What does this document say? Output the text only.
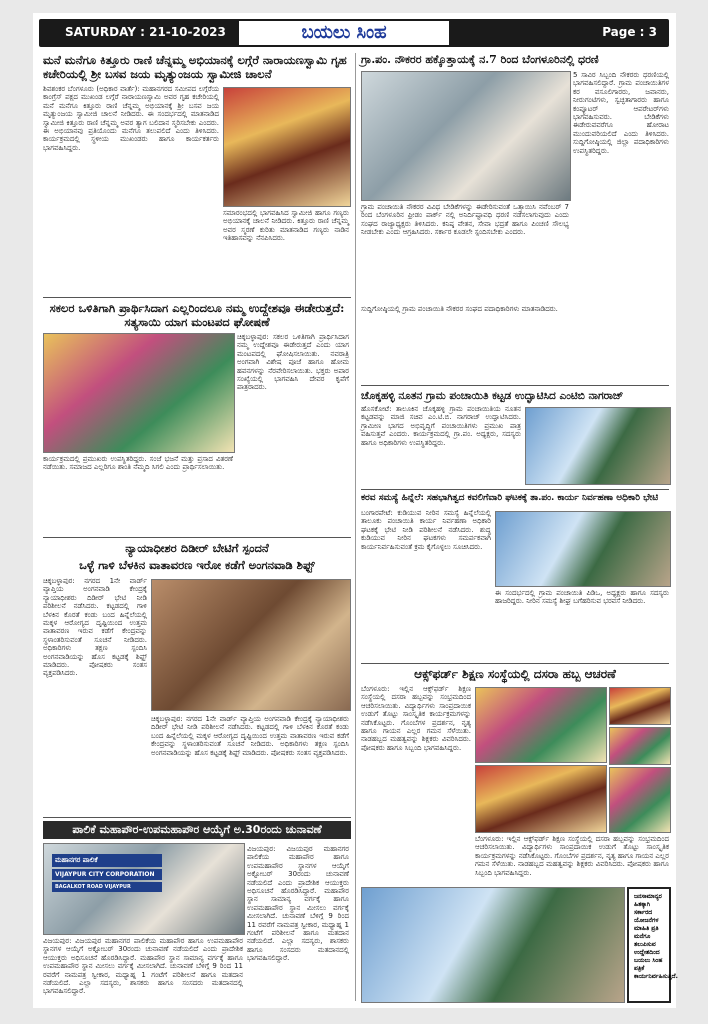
SATURDAY : 21-10-2023	ಬಯಲು ಸಿಂಹ	Page : 3
ಮನೆ ಮನೆಗೂ ಕಿತ್ತೂರು ರಾಣಿ ಚೆನ್ನಮ್ಮ ಅಭಿಯಾನಕ್ಕೆ ಲಗ್ಗೆರೆ ನಾರಾಯಣಸ್ವಾಮಿ ಗೃಹ ಕಚೇರಿಯಲ್ಲಿ ಶ್ರೀ ಬಸವ ಜಯ ಮೃತ್ಯುಂಜಯ ಸ್ವಾಮೀಜಿ ಚಾಲನೆ
ಶಿವಶಂಕರ ಬೆಂಗಳೂರು (ಅಧಿಕಾರ ವಾರ್ತೆ): ಮಹಾನಗರದ ಸಮೀಪದ ಲಗ್ಗೆರೆಯ ಕಾಂಗ್ರೆಸ್ ಪಕ್ಷದ ಮುಖಂಡ ಲಗ್ಗೆರೆ ನಾರಾಯಣಸ್ವಾಮಿ ಅವರ ಗೃಹ ಕಚೇರಿಯಲ್ಲಿ ಮನೆ ಮನೆಗೂ ಕಿತ್ತೂರು ರಾಣಿ ಚೆನ್ನಮ್ಮ ಅಭಿಯಾನಕ್ಕೆ ಶ್ರೀ ಬಸವ ಜಯ ಮೃತ್ಯುಂಜಯ ಸ್ವಾಮೀಜಿ ಚಾಲನೆ ನೀಡಿದರು. ಈ ಸಂದರ್ಭದಲ್ಲಿ ಮಾತನಾಡಿದ ಸ್ವಾಮೀಜಿ ಕಿತ್ತೂರು ರಾಣಿ ಚೆನ್ನಮ್ಮ ಅವರ ತ್ಯಾಗ ಬಲಿದಾನ ಸ್ಮರಿಸಬೇಕು ಎಂದರು. ಈ ಅಭಿಯಾನವು ಪ್ರತಿಯೊಂದು ಮನೆಗೂ ತಲುಪಲಿದೆ ಎಂದು ತಿಳಿಸಿದರು. ಕಾರ್ಯಕ್ರಮದಲ್ಲಿ ಸ್ಥಳೀಯ ಮುಖಂಡರು ಹಾಗೂ ಕಾರ್ಯಕರ್ತರು ಭಾಗವಹಿಸಿದ್ದರು.
ಸಮಾರಂಭದಲ್ಲಿ ಭಾಗವಹಿಸಿದ ಸ್ವಾಮೀಜಿ ಹಾಗೂ ಗಣ್ಯರು ಅಭಿಯಾನಕ್ಕೆ ಚಾಲನೆ ನೀಡಿದರು. ಕಿತ್ತೂರು ರಾಣಿ ಚೆನ್ನಮ್ಮ ಅವರ ಸ್ಮರಣೆ ಕುರಿತು ಮಾತನಾಡಿದ ಗಣ್ಯರು ನಾಡಿನ ಇತಿಹಾಸವನ್ನು ನೆನಪಿಸಿದರು.
ಸಕಲರ ಒಳಿತಿಗಾಗಿ ಪ್ರಾರ್ಥಿಸಿದಾಗ ಎಲ್ಲರಿಂದಲೂ ನಮ್ಮ ಉದ್ದೇಶವೂ ಈಡೇರುತ್ತದೆ: ಸತ್ಯಸಾಯಿ ಯಾಗ ಮಂಟಪದ ಘೋಷಣೆ
ಚಿಕ್ಕಬಳ್ಳಾಪುರ: ಸಕಲರ ಒಳಿತಿಗಾಗಿ ಪ್ರಾರ್ಥಿಸಿದಾಗ ನಮ್ಮ ಉದ್ದೇಶವೂ ಈಡೇರುತ್ತದೆ ಎಂದು ಯಾಗ ಮಂಟಪದಲ್ಲಿ ಘೋಷಿಸಲಾಯಿತು. ನವರಾತ್ರಿ ಅಂಗವಾಗಿ ವಿಶೇಷ ಪೂಜೆ ಹಾಗೂ ಹೋಮ ಹವನಗಳನ್ನು ನೆರವೇರಿಸಲಾಯಿತು. ಭಕ್ತರು ಅಪಾರ ಸಂಖ್ಯೆಯಲ್ಲಿ ಭಾಗವಹಿಸಿ ದೇವರ ಕೃಪೆಗೆ ಪಾತ್ರರಾದರು.
ಕಾರ್ಯಕ್ರಮದಲ್ಲಿ ಪ್ರಮುಖರು ಉಪಸ್ಥಿತರಿದ್ದರು. ಸಂಜೆ ಭಜನೆ ಮತ್ತು ಪ್ರಸಾದ ವಿತರಣೆ ನಡೆಯಿತು. ಸಮಾಜದ ಎಲ್ಲರಿಗೂ ಶಾಂತಿ ನೆಮ್ಮದಿ ಸಿಗಲಿ ಎಂದು ಪ್ರಾರ್ಥಿಸಲಾಯಿತು.
ನ್ಯಾಯಾಧೀಶರ ದಿಡೀರ್ ಬೇಟಿಗೆ ಸ್ಪಂದನೆ
ಒಳ್ಳೆ ಗಾಳಿ ಬೆಳಕಿನ ವಾತಾವರಣ ಇರೋ ಕಡೆಗೆ ಅಂಗನವಾಡಿ ಶಿಫ್ಟ್
ಚಿಕ್ಕಬಳ್ಳಾಪುರ: ನಗರದ 1ನೇ ವಾರ್ಡ್ ವ್ಯಾಪ್ತಿಯ ಅಂಗನವಾಡಿ ಕೇಂದ್ರಕ್ಕೆ ನ್ಯಾಯಾಧೀಶರು ದಿಡೀರ್ ಭೇಟಿ ನೀಡಿ ಪರಿಶೀಲನೆ ನಡೆಸಿದರು. ಕಟ್ಟಡದಲ್ಲಿ ಗಾಳಿ ಬೆಳಕಿನ ಕೊರತೆ ಕಂಡು ಬಂದ ಹಿನ್ನೆಲೆಯಲ್ಲಿ ಮಕ್ಕಳ ಆರೋಗ್ಯದ ದೃಷ್ಟಿಯಿಂದ ಉತ್ತಮ ವಾತಾವರಣ ಇರುವ ಕಡೆಗೆ ಕೇಂದ್ರವನ್ನು ಸ್ಥಳಾಂತರಿಸುವಂತೆ ಸೂಚನೆ ನೀಡಿದರು. ಅಧಿಕಾರಿಗಳು ತಕ್ಷಣ ಸ್ಪಂದಿಸಿ ಅಂಗನವಾಡಿಯನ್ನು ಹೊಸ ಕಟ್ಟಡಕ್ಕೆ ಶಿಫ್ಟ್ ಮಾಡಿದರು. ಪೋಷಕರು ಸಂತಸ ವ್ಯಕ್ತಪಡಿಸಿದರು.
ಚಿಕ್ಕಬಳ್ಳಾಪುರ: ನಗರದ 1ನೇ ವಾರ್ಡ್ ವ್ಯಾಪ್ತಿಯ ಅಂಗನವಾಡಿ ಕೇಂದ್ರಕ್ಕೆ ನ್ಯಾಯಾಧೀಶರು ದಿಡೀರ್ ಭೇಟಿ ನೀಡಿ ಪರಿಶೀಲನೆ ನಡೆಸಿದರು. ಕಟ್ಟಡದಲ್ಲಿ ಗಾಳಿ ಬೆಳಕಿನ ಕೊರತೆ ಕಂಡು ಬಂದ ಹಿನ್ನೆಲೆಯಲ್ಲಿ ಮಕ್ಕಳ ಆರೋಗ್ಯದ ದೃಷ್ಟಿಯಿಂದ ಉತ್ತಮ ವಾತಾವರಣ ಇರುವ ಕಡೆಗೆ ಕೇಂದ್ರವನ್ನು ಸ್ಥಳಾಂತರಿಸುವಂತೆ ಸೂಚನೆ ನೀಡಿದರು. ಅಧಿಕಾರಿಗಳು ತಕ್ಷಣ ಸ್ಪಂದಿಸಿ ಅಂಗನವಾಡಿಯನ್ನು ಹೊಸ ಕಟ್ಟಡಕ್ಕೆ ಶಿಫ್ಟ್ ಮಾಡಿದರು. ಪೋಷಕರು ಸಂತಸ ವ್ಯಕ್ತಪಡಿಸಿದರು.
ಪಾಲಿಕೆ ಮಹಾಪೌರ-ಉಪಮಹಾಪೌರ ಆಯ್ಕೆಗೆ ಅ.30ರಂದು ಚುನಾವಣೆ
ಮಹಾನಗರ ಪಾಲಿಕೆ
VIJAYPUR CITY CORPORATION
BAGALKOT ROAD VIJAYPUR
ವಿಜಯಪುರ: ವಿಜಯಪುರ ಮಹಾನಗರ ಪಾಲಿಕೆಯ ಮಹಾಪೌರ ಹಾಗೂ ಉಪಮಹಾಪೌರ ಸ್ಥಾನಗಳ ಆಯ್ಕೆಗೆ ಅಕ್ಟೋಬರ್ 30ರಂದು ಚುನಾವಣೆ ನಡೆಯಲಿದೆ ಎಂದು ಪ್ರಾದೇಶಿಕ ಆಯುಕ್ತರು ಅಧಿಸೂಚನೆ ಹೊರಡಿಸಿದ್ದಾರೆ. ಮಹಾಪೌರ ಸ್ಥಾನ ಸಾಮಾನ್ಯ ವರ್ಗಕ್ಕೆ ಹಾಗೂ ಉಪಮಹಾಪೌರ ಸ್ಥಾನ ಮೀಸಲು ವರ್ಗಕ್ಕೆ ಮೀಸಲಾಗಿದೆ. ಚುನಾವಣೆ ಬೆಳಿಗ್ಗೆ 9 ರಿಂದ 11 ರವರೆಗೆ ನಾಮಪತ್ರ ಸ್ವೀಕಾರ, ಮಧ್ಯಾಹ್ನ 1 ಗಂಟೆಗೆ ಪರಿಶೀಲನೆ ಹಾಗೂ ಮತದಾನ ನಡೆಯಲಿದೆ. ಎಲ್ಲಾ ಸದಸ್ಯರು, ಶಾಸಕರು ಹಾಗೂ ಸಂಸದರು ಮತದಾನದಲ್ಲಿ ಭಾಗವಹಿಸಲಿದ್ದಾರೆ.
ವಿಜಯಪುರ: ವಿಜಯಪುರ ಮಹಾನಗರ ಪಾಲಿಕೆಯ ಮಹಾಪೌರ ಹಾಗೂ ಉಪಮಹಾಪೌರ ಸ್ಥಾನಗಳ ಆಯ್ಕೆಗೆ ಅಕ್ಟೋಬರ್ 30ರಂದು ಚುನಾವಣೆ ನಡೆಯಲಿದೆ ಎಂದು ಪ್ರಾದೇಶಿಕ ಆಯುಕ್ತರು ಅಧಿಸೂಚನೆ ಹೊರಡಿಸಿದ್ದಾರೆ. ಮಹಾಪೌರ ಸ್ಥಾನ ಸಾಮಾನ್ಯ ವರ್ಗಕ್ಕೆ ಹಾಗೂ ಉಪಮಹಾಪೌರ ಸ್ಥಾನ ಮೀಸಲು ವರ್ಗಕ್ಕೆ ಮೀಸಲಾಗಿದೆ. ಚುನಾವಣೆ ಬೆಳಿಗ್ಗೆ 9 ರಿಂದ 11 ರವರೆಗೆ ನಾಮಪತ್ರ ಸ್ವೀಕಾರ, ಮಧ್ಯಾಹ್ನ 1 ಗಂಟೆಗೆ ಪರಿಶೀಲನೆ ಹಾಗೂ ಮತದಾನ ನಡೆಯಲಿದೆ. ಎಲ್ಲಾ ಸದಸ್ಯರು, ಶಾಸಕರು ಹಾಗೂ ಸಂಸದರು ಮತದಾನದಲ್ಲಿ ಭಾಗವಹಿಸಲಿದ್ದಾರೆ.
ಗ್ರಾ.ಪಂ. ನೌಕರರ ಹಕ್ಕೊತ್ತಾಯಕ್ಕೆ ನ.7 ರಿಂದ ಬೆಂಗಳೂರಿನಲ್ಲಿ ಧರಣಿ
5 ಸಾವಿರ ಸಿಬ್ಬಂದಿ ನೌಕರರು ಧರಣಿಯಲ್ಲಿ ಭಾಗವಹಿಸಲಿದ್ದಾರೆ. ಗ್ರಾಮ ಪಂಚಾಯಿತಿಗಳ ಕರ ವಸೂಲಿಗಾರರು, ಜವಾನರು, ನೀರುಗಂಟಿಗಳು, ಸ್ವಚ್ಛತಾಗಾರರು ಹಾಗೂ ಕಂಪ್ಯೂಟರ್ ಆಪರೇಟರ್‌ಗಳು ಭಾಗವಹಿಸುವರು. ಬೇಡಿಕೆಗಳು ಈಡೇರುವವರೆಗೂ ಹೋರಾಟ ಮುಂದುವರಿಯಲಿದೆ ಎಂದು ತಿಳಿಸಿದರು. ಸುದ್ದಿಗೋಷ್ಠಿಯಲ್ಲಿ ಜಿಲ್ಲಾ ಪದಾಧಿಕಾರಿಗಳು ಉಪಸ್ಥಿತರಿದ್ದರು.
ಗ್ರಾಮ ಪಂಚಾಯಿತಿ ನೌಕರರ ವಿವಿಧ ಬೇಡಿಕೆಗಳನ್ನು ಈಡೇರಿಸುವಂತೆ ಒತ್ತಾಯಿಸಿ ನವೆಂಬರ್ 7 ರಿಂದ ಬೆಂಗಳೂರಿನ ಫ್ರೀಡಂ ಪಾರ್ಕ್ ನಲ್ಲಿ ಅನಿರ್ದಿಷ್ಟಾವಧಿ ಧರಣಿ ನಡೆಸಲಾಗುವುದು ಎಂದು ಸಂಘದ ರಾಜ್ಯಾಧ್ಯಕ್ಷರು ತಿಳಿಸಿದರು. ಕನಿಷ್ಠ ವೇತನ, ಸೇವಾ ಭದ್ರತೆ ಹಾಗೂ ಪಿಂಚಣಿ ಸೌಲಭ್ಯ ನೀಡಬೇಕು ಎಂದು ಆಗ್ರಹಿಸಿದರು. ಸರ್ಕಾರ ಕೂಡಲೇ ಸ್ಪಂದಿಸಬೇಕು ಎಂದರು.
ಸುದ್ದಿಗೋಷ್ಠಿಯಲ್ಲಿ ಗ್ರಾಮ ಪಂಚಾಯಿತಿ ನೌಕರರ ಸಂಘದ ಪದಾಧಿಕಾರಿಗಳು ಮಾತನಾಡಿದರು.
ಚೊಕ್ಕಹಳ್ಳಿ ನೂತನ ಗ್ರಾಮ ಪಂಚಾಯಿತಿ ಕಟ್ಟಡ ಉದ್ಘಾಟಿಸಿದ ಎಂಟಿಬಿ ನಾಗರಾಜ್
ಹೊಸಕೋಟೆ: ತಾಲೂಕಿನ ಚೊಕ್ಕಹಳ್ಳಿ ಗ್ರಾಮ ಪಂಚಾಯಿತಿಯ ನೂತನ ಕಟ್ಟಡವನ್ನು ಮಾಜಿ ಸಚಿವ ಎಂ.ಟಿ.ಬಿ. ನಾಗರಾಜ್ ಉದ್ಘಾಟಿಸಿದರು. ಗ್ರಾಮೀಣ ಭಾಗದ ಅಭಿವೃದ್ಧಿಗೆ ಪಂಚಾಯಿತಿಗಳು ಪ್ರಮುಖ ಪಾತ್ರ ವಹಿಸುತ್ತವೆ ಎಂದರು. ಕಾರ್ಯಕ್ರಮದಲ್ಲಿ ಗ್ರಾ.ಪಂ. ಅಧ್ಯಕ್ಷರು, ಸದಸ್ಯರು ಹಾಗೂ ಅಧಿಕಾರಿಗಳು ಉಪಸ್ಥಿತರಿದ್ದರು.
ಕರವ ಸಮಸ್ಯೆ ಹಿನ್ನೆಲೆ: ಸಹಭಾಗಿತ್ವದ ಕವಲಿಗೆವಾರಿ ಘಟಕಕ್ಕೆ ತಾ.ಪಂ. ಕಾರ್ಯ ನಿರ್ವಹಣಾ ಅಧಿಕಾರಿ ಭೇಟಿ
ಬಂಗಾರಪೇಟೆ: ಕುಡಿಯುವ ನೀರಿನ ಸಮಸ್ಯೆ ಹಿನ್ನೆಲೆಯಲ್ಲಿ ತಾಲೂಕು ಪಂಚಾಯಿತಿ ಕಾರ್ಯ ನಿರ್ವಹಣಾ ಅಧಿಕಾರಿ ಘಟಕಕ್ಕೆ ಭೇಟಿ ನೀಡಿ ಪರಿಶೀಲನೆ ನಡೆಸಿದರು. ಶುದ್ಧ ಕುಡಿಯುವ ನೀರಿನ ಘಟಕಗಳು ಸಮರ್ಪಕವಾಗಿ ಕಾರ್ಯನಿರ್ವಹಿಸುವಂತೆ ಕ್ರಮ ಕೈಗೊಳ್ಳಲು ಸೂಚಿಸಿದರು.
ಈ ಸಂದರ್ಭದಲ್ಲಿ ಗ್ರಾಮ ಪಂಚಾಯಿತಿ ಪಿಡಿಒ, ಅಧ್ಯಕ್ಷರು ಹಾಗೂ ಸದಸ್ಯರು ಹಾಜರಿದ್ದರು. ನೀರಿನ ಸಮಸ್ಯೆ ಶೀಘ್ರ ಬಗೆಹರಿಸುವ ಭರವಸೆ ನೀಡಿದರು.
ಆಕ್ಸ್‌ಫರ್ಡ್ ಶಿಕ್ಷಣ ಸಂಸ್ಥೆಯಲ್ಲಿ ದಸರಾ ಹಬ್ಬ ಆಚರಣೆ
ಬೆಂಗಳೂರು: ಇಲ್ಲಿನ ಆಕ್ಸ್‌ಫರ್ಡ್ ಶಿಕ್ಷಣ ಸಂಸ್ಥೆಯಲ್ಲಿ ದಸರಾ ಹಬ್ಬವನ್ನು ಸಂಭ್ರಮದಿಂದ ಆಚರಿಸಲಾಯಿತು. ವಿದ್ಯಾರ್ಥಿಗಳು ಸಾಂಪ್ರದಾಯಿಕ ಉಡುಗೆ ತೊಟ್ಟು ಸಾಂಸ್ಕೃತಿಕ ಕಾರ್ಯಕ್ರಮಗಳನ್ನು ನಡೆಸಿಕೊಟ್ಟರು. ಗೊಂಬೆಗಳ ಪ್ರದರ್ಶನ, ನೃತ್ಯ ಹಾಗೂ ಗಾಯನ ಎಲ್ಲರ ಗಮನ ಸೆಳೆಯಿತು. ನಾಡಹಬ್ಬದ ಮಹತ್ವವನ್ನು ಶಿಕ್ಷಕರು ವಿವರಿಸಿದರು. ಪೋಷಕರು ಹಾಗೂ ಸಿಬ್ಬಂದಿ ಭಾಗವಹಿಸಿದ್ದರು.
ಬೆಂಗಳೂರು: ಇಲ್ಲಿನ ಆಕ್ಸ್‌ಫರ್ಡ್ ಶಿಕ್ಷಣ ಸಂಸ್ಥೆಯಲ್ಲಿ ದಸರಾ ಹಬ್ಬವನ್ನು ಸಂಭ್ರಮದಿಂದ ಆಚರಿಸಲಾಯಿತು. ವಿದ್ಯಾರ್ಥಿಗಳು ಸಾಂಪ್ರದಾಯಿಕ ಉಡುಗೆ ತೊಟ್ಟು ಸಾಂಸ್ಕೃತಿಕ ಕಾರ್ಯಕ್ರಮಗಳನ್ನು ನಡೆಸಿಕೊಟ್ಟರು. ಗೊಂಬೆಗಳ ಪ್ರದರ್ಶನ, ನೃತ್ಯ ಹಾಗೂ ಗಾಯನ ಎಲ್ಲರ ಗಮನ ಸೆಳೆಯಿತು. ನಾಡಹಬ್ಬದ ಮಹತ್ವವನ್ನು ಶಿಕ್ಷಕರು ವಿವರಿಸಿದರು. ಪೋಷಕರು ಹಾಗೂ ಸಿಬ್ಬಂದಿ ಭಾಗವಹಿಸಿದ್ದರು.
ಜನಸಾಮಾನ್ಯರ ಹಿತಕ್ಕಾಗಿ ಸರ್ಕಾರದ ಯೋಜನೆಗಳ ಮಾಹಿತಿ ಪ್ರತಿ ಮನೆಗೂ ತಲುಪಿಸುವ ಉದ್ದೇಶದಿಂದ ಬಯಲು ಸಿಂಹ ಪತ್ರಿಕೆ ಕಾರ್ಯನಿರ್ವಹಿಸುತ್ತಿದೆ.
